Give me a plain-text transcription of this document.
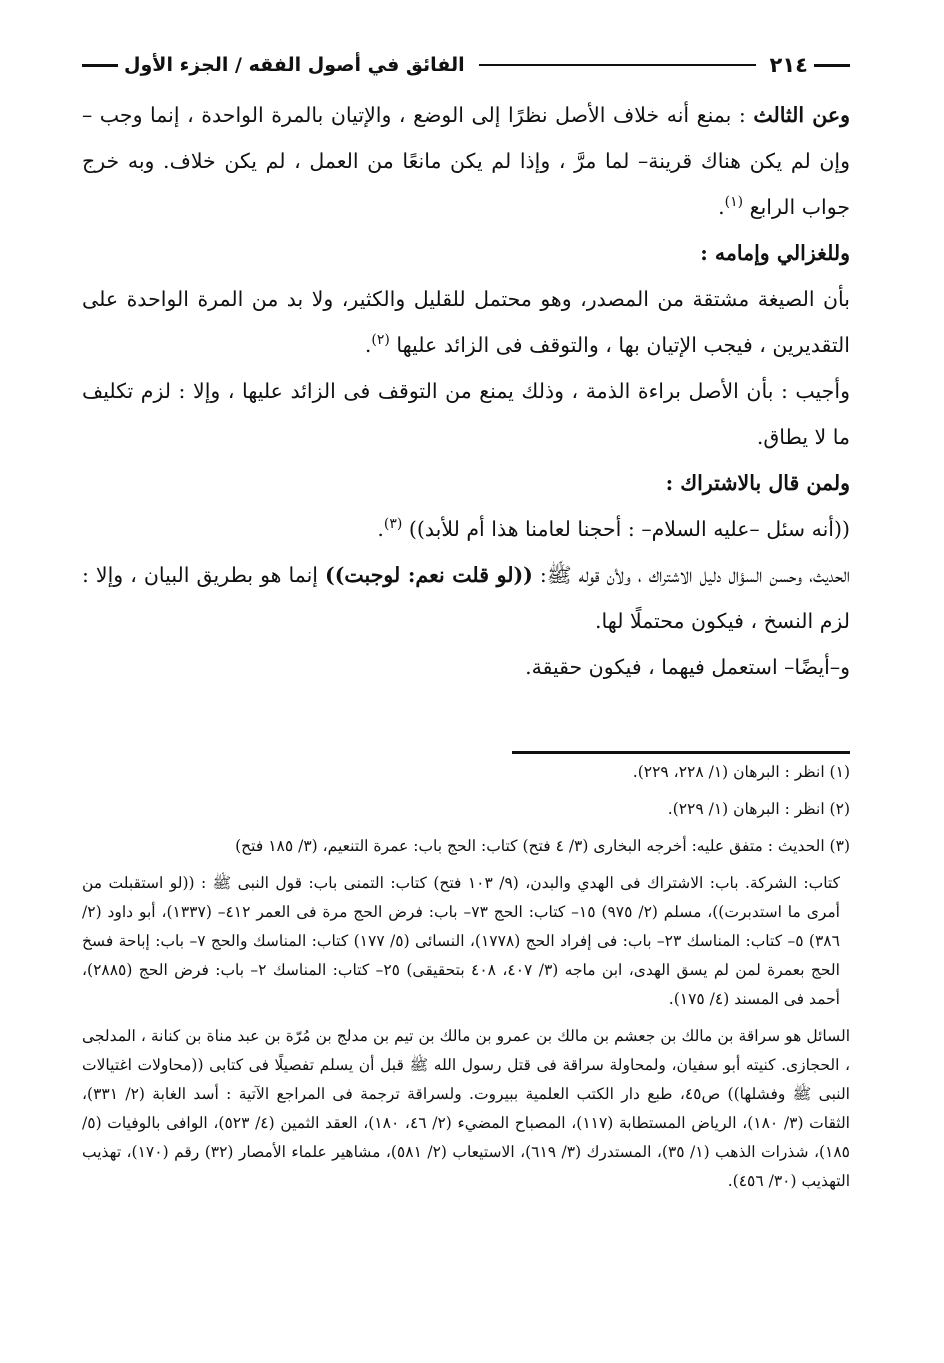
٢١٤
الفائق في أصول الفقه / الجزء الأول

وعن الثالث : بمنع أنه خلاف الأصل نظرًا إلى الوضع ، والإتيان بالمرة الواحدة ، إنما وجب –وإن لم يكن هناك قرينة– لما مرَّ ، وإذا لم يكن مانعًا من العمل ، لم يكن خلاف. وبه خرج جواب الرابع $^{(١)}$.

وللغزالي وإمامه :

بأن الصيغة مشتقة من المصدر، وهو محتمل للقليل والكثير، ولا بد من المرة الواحدة على التقديرين ، فيجب الإتيان بها ، والتوقف فى الزائد عليها $^{(٢)}$.

وأجيب : بأن الأصل براءة الذمة ، وذلك يمنع من التوقف فى الزائد عليها ، وإلا : لزم تكليف ما لا يطاق.

ولمن قال بالاشتراك :

((أنه سئل –عليه السلام– : أحجنا لعامنا هذا أم للأبد)) $^{(٣)}$.

الحديث، وحسن السؤال دليل الاشتراك ، ولأن قوله ﷺ: ((لو قلت نعم: لوجبت)) إنما هو بطريق البيان ، وإلا : لزم النسخ ، فيكون محتملًا لها.

و–أيضًا– استعمل فيهما ، فيكون حقيقة.

(١) انظر : البرهان (١/ ٢٢٨، ٢٢٩).

(٢) انظر : البرهان (١/ ٢٢٩).

(٣) الحديث : متفق عليه: أخرجه البخارى (٣/ ٤ فتح) كتاب: الحج باب: عمرة التنعيم، (٣/ ١٨٥ فتح)

كتاب: الشركة. باب: الاشتراك فى الهدي والبدن، (٩/ ١٠٣ فتح) كتاب: التمنى باب: قول النبى ﷺ : ((لو استقبلت من أمرى ما استدبرت))، مسلم (٢/ ٩٧٥) ١٥– كتاب: الحج ٧٣– باب: فرض الحج مرة فى العمر ٤١٢– (١٣٣٧)، أبو داود (٢/ ٣٨٦) ٥– كتاب: المناسك ٢٣– باب: فى إفراد الحج (١٧٧٨)، النسائى (٥/ ١٧٧) كتاب: المناسك والحج ٧– باب: إباحة فسخ الحج بعمرة لمن لم يسق الهدى، ابن ماجه (٣/ ٤٠٧، ٤٠٨ بتحقيقى) ٢٥– كتاب: المناسك ٢– باب: فرض الحج (٢٨٨٥)، أحمد فى المسند (٤/ ١٧٥).

السائل هو سراقة بن مالك بن جعشم بن مالك بن عمرو بن مالك بن تيم بن مدلج بن مُرّة بن عبد مناة بن كنانة ، المدلجى ، الحجازى. كنيته أبو سفيان، ولمحاولة سراقة فى قتل رسول الله ﷺ قبل أن يسلم تفصيلًا فى كتابى ((محاولات اغتيالات النبى ﷺ وفشلها)) ص٤٥، طبع دار الكتب العلمية ببيروت. ولسراقة ترجمة فى المراجع الآتية : أسد الغابة (٢/ ٣٣١)، الثقات (٣/ ١٨٠)، الرياض المستطابة (١١٧)، المصباح المضيء (٢/ ٤٦، ١٨٠)، العقد الثمين (٤/ ٥٢٣)، الوافى بالوفيات (٥/ ١٨٥)، شذرات الذهب (١/ ٣٥)، المستدرك (٣/ ٦١٩)، الاستيعاب (٢/ ٥٨١)، مشاهير علماء الأمصار (٣٢) رقم (١٧٠)، تهذيب التهذيب (٣٠/ ٤٥٦).
